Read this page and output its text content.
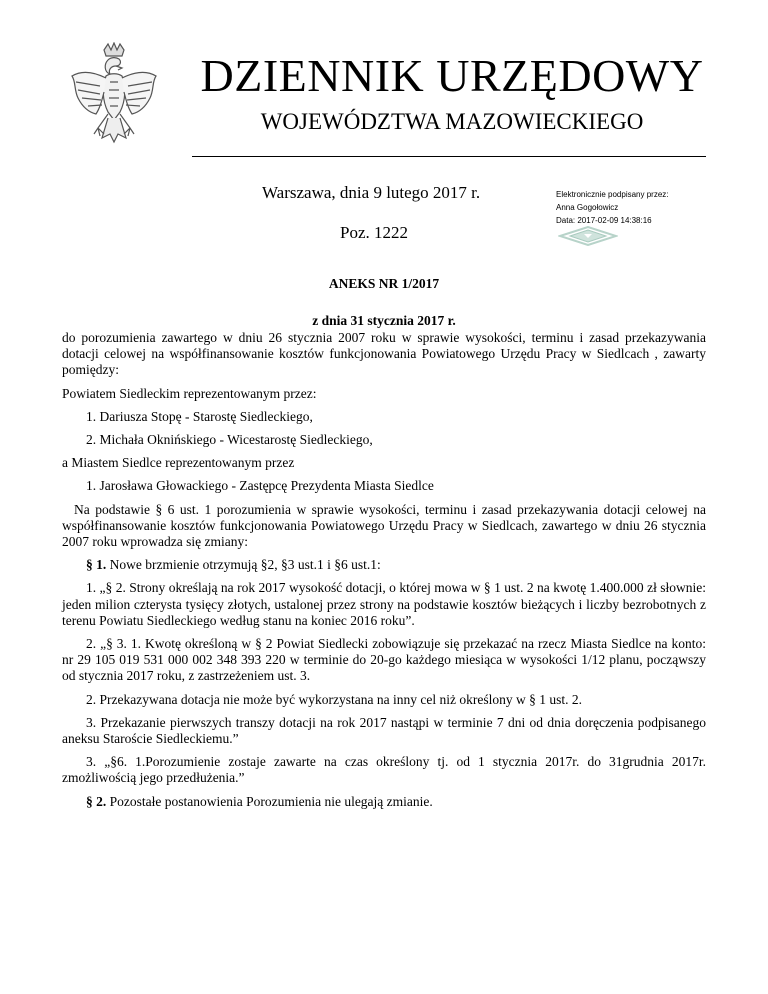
DZIENNIK URZĘDOWY
WOJEWÓDZTWA MAZOWIECKIEGO
Warszawa, dnia 9 lutego 2017 r.
Poz. 1222
Elektronicznie podpisany przez:
Anna Gogołowicz
Data: 2017-02-09 14:38:16
ANEKS NR 1/2017
z dnia 31 stycznia 2017 r.

do porozumienia zawartego w dniu 26 stycznia 2007 roku w sprawie wysokości, terminu i zasad przekazywania dotacji celowej na współfinansowanie kosztów funkcjonowania Powiatowego Urzędu Pracy w Siedlcach , zawarty pomiędzy:

Powiatem Siedleckim reprezentowanym przez:

1. Dariusza Stopę - Starostę Siedleckiego,

2. Michała Oknińskiego - Wicestarostę Siedleckiego,

a Miastem Siedlce reprezentowanym przez

1. Jarosława Głowackiego - Zastępcę Prezydenta Miasta Siedlce

Na podstawie § 6 ust. 1 porozumienia w sprawie wysokości, terminu i zasad przekazywania dotacji celowej na współfinansowanie kosztów funkcjonowania Powiatowego Urzędu Pracy w Siedlcach, zawartego w dniu 26 stycznia 2007 roku wprowadza się zmiany:

§ 1. Nowe brzmienie otrzymują §2, §3 ust.1 i §6 ust.1:

1. „§ 2. Strony określają na rok 2017 wysokość dotacji, o której mowa w § 1 ust. 2 na kwotę 1.400.000 zł słownie: jeden milion czterysta tysięcy złotych, ustalonej przez strony na podstawie kosztów bieżących i liczby bezrobotnych z terenu Powiatu Siedleckiego według stanu na koniec 2016 roku”.

2. „§ 3. 1. Kwotę określoną w § 2 Powiat Siedlecki zobowiązuje się przekazać na rzecz Miasta Siedlce na konto: nr 29 105 019 531 000 002 348 393 220 w terminie do 20-go każdego miesiąca w wysokości 1/12 planu, począwszy od stycznia 2017 roku, z zastrzeżeniem ust. 3.

2. Przekazywana dotacja nie może być wykorzystana na inny cel niż określony w § 1 ust. 2.

3. Przekazanie pierwszych transzy dotacji na rok 2017 nastąpi w terminie 7 dni od dnia doręczenia podpisanego aneksu Staroście Siedleckiemu.”

3. „§6. 1.Porozumienie zostaje zawarte na czas określony tj. od 1 stycznia 2017r. do 31grudnia 2017r. zmożliwością jego przedłużenia.”

§ 2. Pozostałe postanowienia Porozumienia nie ulegają zmianie.
